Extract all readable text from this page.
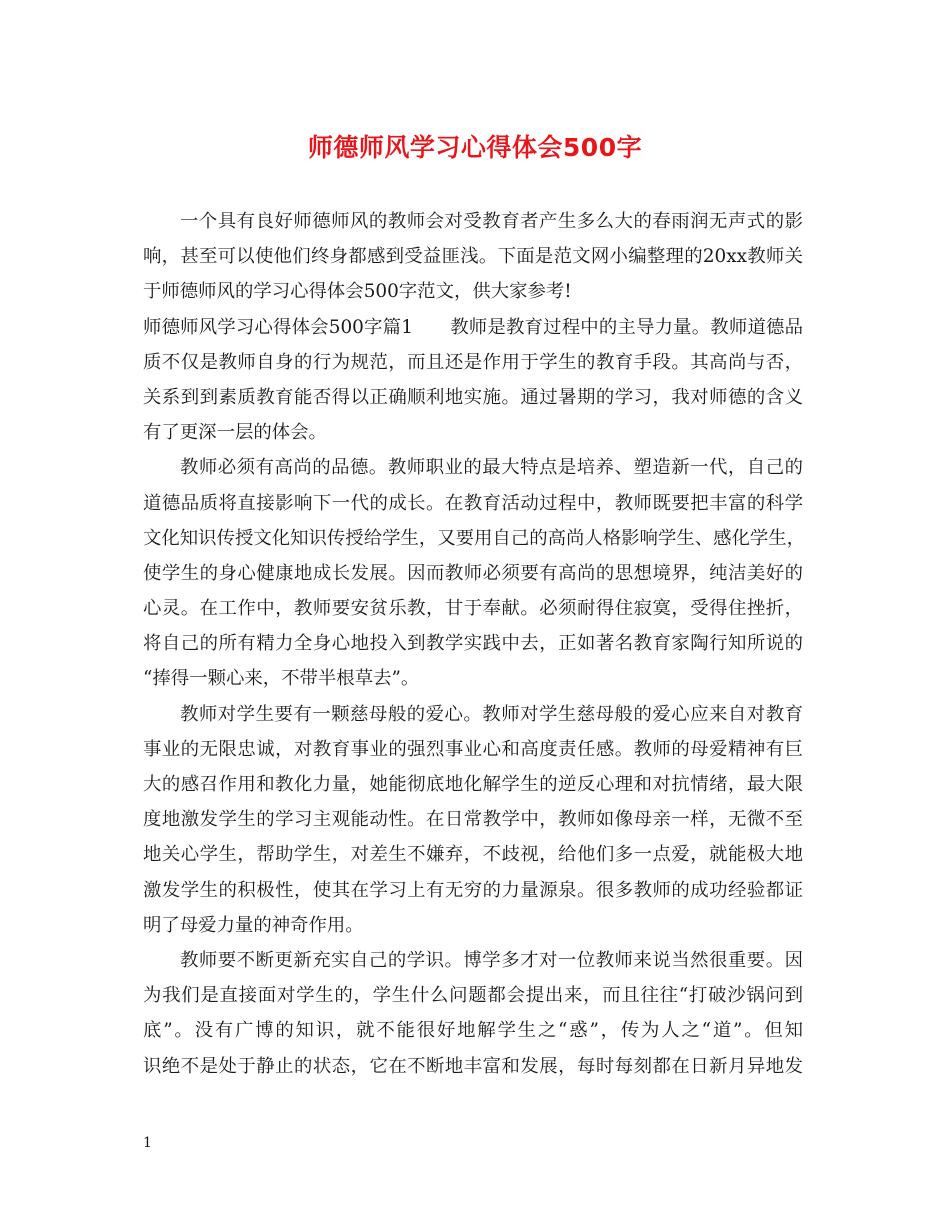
师德师风学习心得体会500字
一个具有良好师德师风的教师会对受教育者产生多么大的春雨润无声式的影
响，甚至可以使他们终身都感到受益匪浅。下面是范文网小编整理的20xx教师关
于师德师风的学习心得体会500字范文，供大家参考!
师德师风学习心得体会500字篇1　　教师是教育过程中的主导力量。教师道德品
质不仅是教师自身的行为规范，而且还是作用于学生的教育手段。其高尚与否，
关系到到素质教育能否得以正确顺利地实施。通过暑期的学习，我对师德的含义
有了更深一层的体会。
教师必须有高尚的品德。教师职业的最大特点是培养、塑造新一代，自己的
道德品质将直接影响下一代的成长。在教育活动过程中，教师既要把丰富的科学
文化知识传授文化知识传授给学生，又要用自己的高尚人格影响学生、感化学生，
使学生的身心健康地成长发展。因而教师必须要有高尚的思想境界，纯洁美好的
心灵。在工作中，教师要安贫乐教，甘于奉献。必须耐得住寂寞，受得住挫折，
将自己的所有精力全身心地投入到教学实践中去，正如著名教育家陶行知所说的
“捧得一颗心来，不带半根草去”。
教师对学生要有一颗慈母般的爱心。教师对学生慈母般的爱心应来自对教育
事业的无限忠诚，对教育事业的强烈事业心和高度责任感。教师的母爱精神有巨
大的感召作用和教化力量，她能彻底地化解学生的逆反心理和对抗情绪，最大限
度地激发学生的学习主观能动性。在日常教学中，教师如像母亲一样，无微不至
地关心学生，帮助学生，对差生不嫌弃，不歧视，给他们多一点爱，就能极大地
激发学生的积极性，使其在学习上有无穷的力量源泉。很多教师的成功经验都证
明了母爱力量的神奇作用。
教师要不断更新充实自己的学识。博学多才对一位教师来说当然很重要。因
为我们是直接面对学生的，学生什么问题都会提出来，而且往往“打破沙锅问到
底”。没有广博的知识，就不能很好地解学生之“惑”，传为人之“道”。但知
识绝不是处于静止的状态，它在不断地丰富和发展，每时每刻都在日新月异地发
1
